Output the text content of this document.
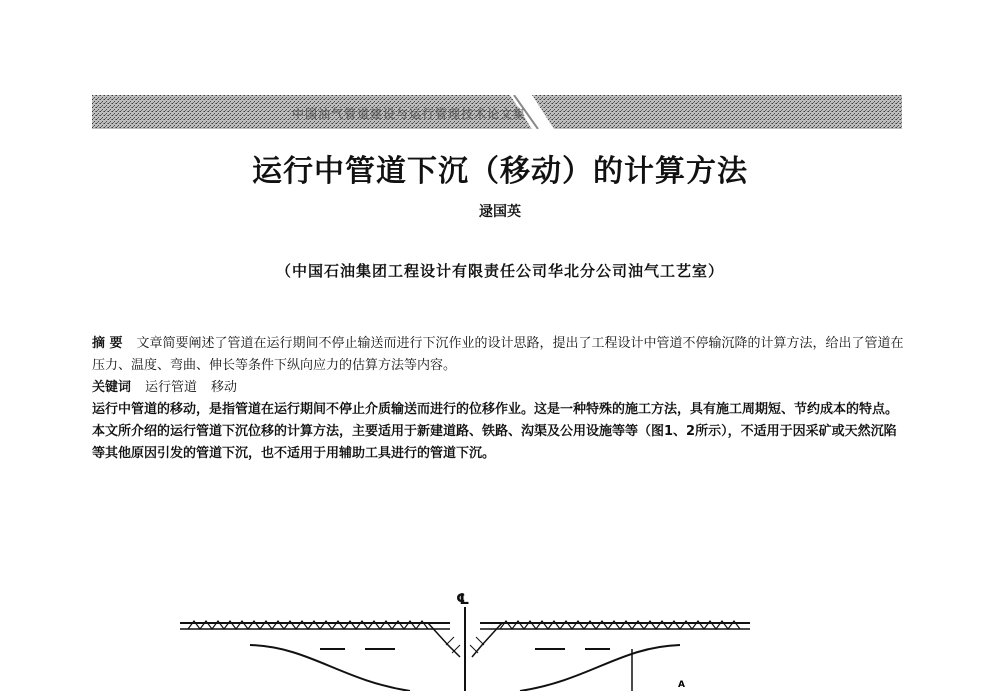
中国油气管道建设与运行管理技术论文集
运行中管道下沉（移动）的计算方法
逯国英
（中国石油集团工程设计有限责任公司华北分公司油气工艺室）

摘 要 文章简要阐述了管道在运行期间不停止输送而进行下沉作业的设计思路，提出了工程设计中管道不停输沉降的计算方法，给出了管道在压力、温度、弯曲、伸长等条件下纵向应力的估算方法等内容。

关键词 运行管道 移动

运行中管道的移动，是指管道在运行期间不停止介质输送而进行的位移作业。这是一种特殊的施工方法，具有施工周期短、节约成本的特点。

本文所介绍的运行管道下沉位移的计算方法，主要适用于新建道路、铁路、沟渠及公用设施等等（图1、2所示），不适用于因采矿或天然沉陷等其他原因引发的管道下沉，也不适用于用辅助工具进行的管道下沉。

℄
A
